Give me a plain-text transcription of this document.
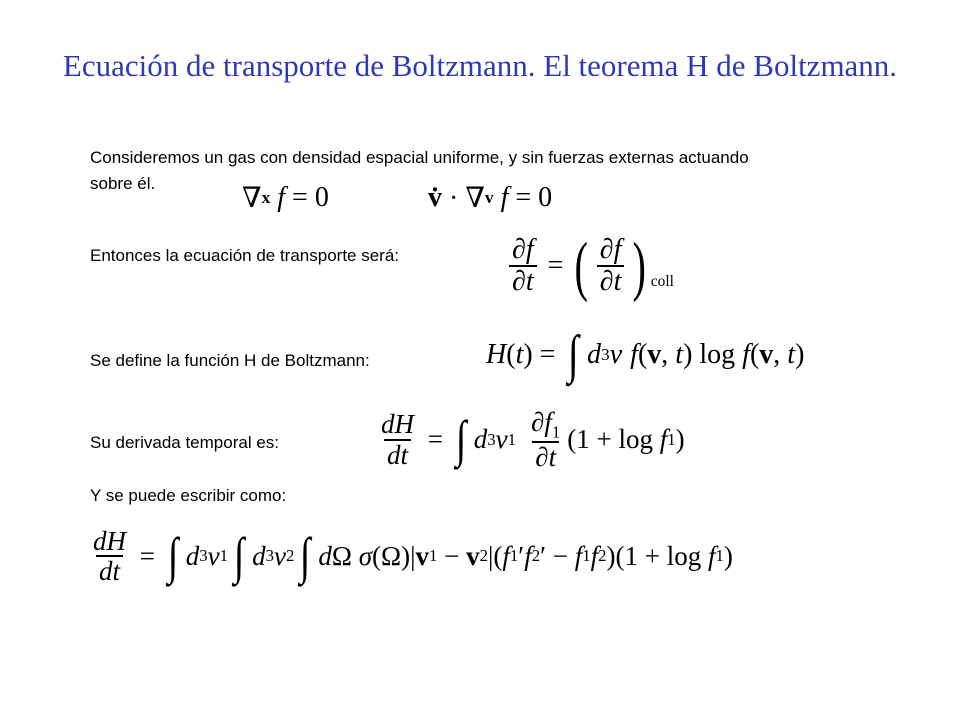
Ecuación de transporte de Boltzmann. El teorema H de Boltzmann.
Consideremos un gas con densidad espacial uniforme, y sin fuerzas externas actuando
sobre él.	∇ x f = 0	v̇ · ∇ v f = 0
Entonces la ecuación de transporte será:	$\frac{\partial f}{\partial t}$ = ( $\frac{\partial f}{\partial t}$ ) coll
Se define la función H de Boltzmann:	H ( t ) = ∫ d 3 v f ( v , t ) log f ( v , t )
Su derivada temporal es:	$\frac{dH}{dt}$ = ∫ d 3 v $1 \frac{\partial f_1}{\partial t} (1 + \log f$ 1 )
Y se puede escribir como:
$\frac{dH}{dt}$ = ∫ d 3 v 1 ∫ d 3 v 2 ∫ d Ω σ (Ω)| v 1 − v 2 |( f 1 ′ f 2 ′ − f 1 f 2 )(1 + log f 1 )
